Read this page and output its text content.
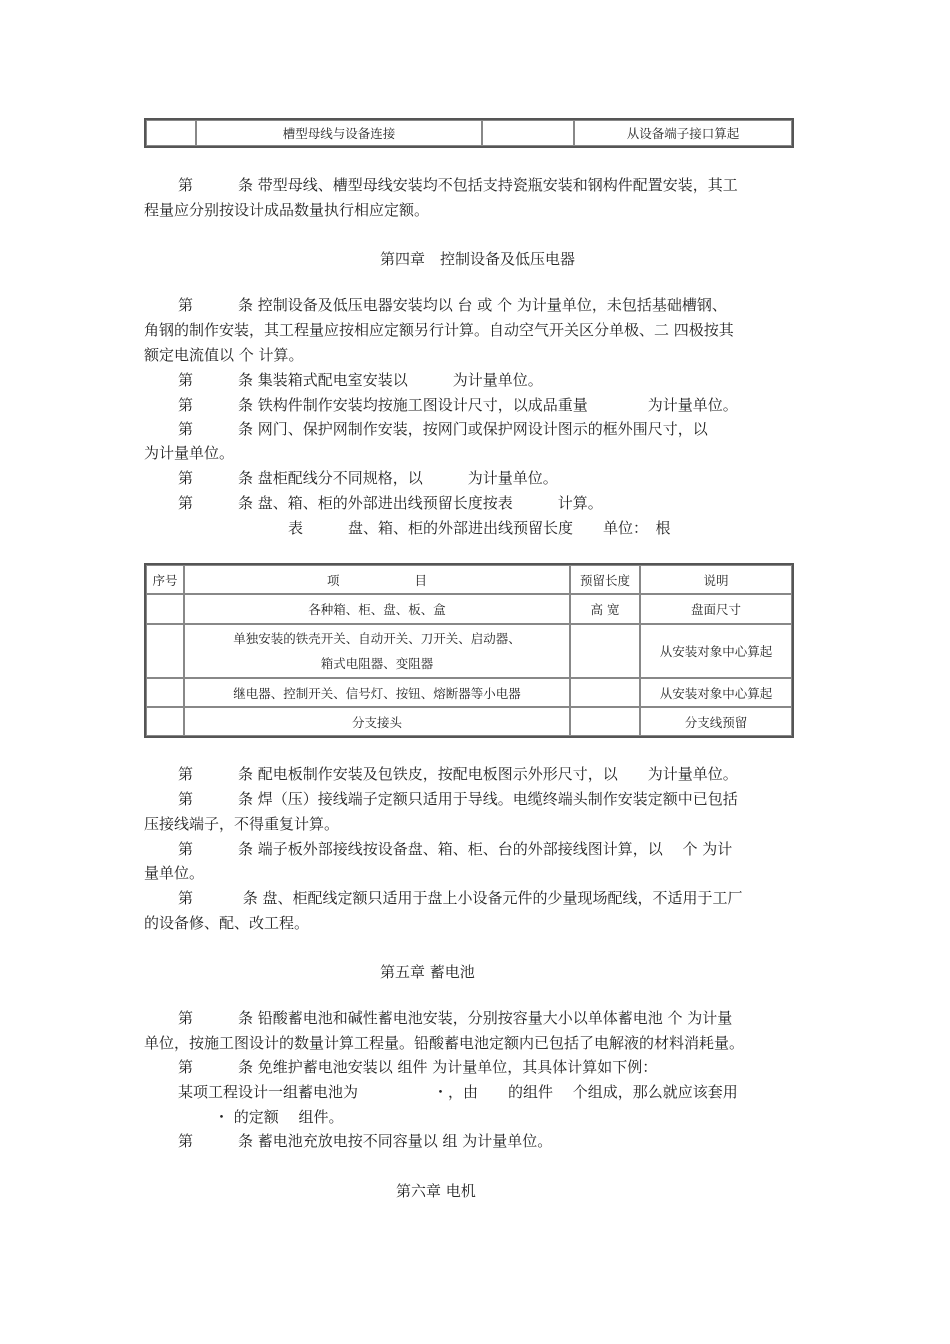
	槽型母线与设备连接		从设备端子接口算起
第　　　条 带型母线、槽型母线安装均不包括支持瓷瓶安装和钢构件配置安装，其工
程量应分别按设计成品数量执行相应定额。
第四章　控制设备及低压电器
第　　　条 控制设备及低压电器安装均以 台 或 个 为计量单位，未包括基础槽钢、
角钢的制作安装，其工程量应按相应定额另行计算。自动空气开关区分单极、二 四极按其
额定电流值以 个 计算。
第　　　条 集装箱式配电室安装以　　　为计量单位。
第　　　条 铁构件制作安装均按施工图设计尺寸，以成品重量　　　　为计量单位。
第　　　条 网门、保护网制作安装，按网门或保护网设计图示的框外围尺寸，以
为计量单位。
第　　　条 盘柜配线分不同规格，以　　　为计量单位。
第　　　条 盘、箱、柜的外部进出线预留长度按表　　　计算。
表　　　盘、箱、柜的外部进出线预留长度　　单位：　根
序号	项　　　　　　目	预留长度	说明
	各种箱、柜、盘、板、盒	高 宽	盘面尺寸

	单独安装的铁壳开关、自动开关、刀开关、启动器、
箱式电阻器、变阻器		从安装对象中心算起
	继电器、控制开关、信号灯、按钮、熔断器等小电器		从安装对象中心算起
	分支接头		分支线预留
第　　　条 配电板制作安装及包铁皮，按配电板图示外形尺寸，以　　为计量单位。
第　　　条 焊（压）接线端子定额只适用于导线。电缆终端头制作安装定额中已包括
压接线端子，不得重复计算。
第　　　条 端子板外部接线按设备盘、箱、柜、台的外部接线图计算，以　 个 为计
量单位。
第　　　 条 盘、柜配线定额只适用于盘上小设备元件的少量现场配线，不适用于工厂
的设备修、配、改工程。
第五章 蓄电池
第　　　条 铅酸蓄电池和碱性蓄电池安装，分别按容量大小以单体蓄电池 个 为计量
单位，按施工图设计的数量计算工程量。铅酸蓄电池定额内已包括了电解液的材料消耗量。
第　　　条 免维护蓄电池安装以 组件 为计量单位，其具体计算如下例：
某项工程设计一组蓄电池为　　　　　・，由　　的组件　 个组成，那么就应该套用
・ 的定额　 组件。
第　　　条 蓄电池充放电按不同容量以 组 为计量单位。
第六章 电机
